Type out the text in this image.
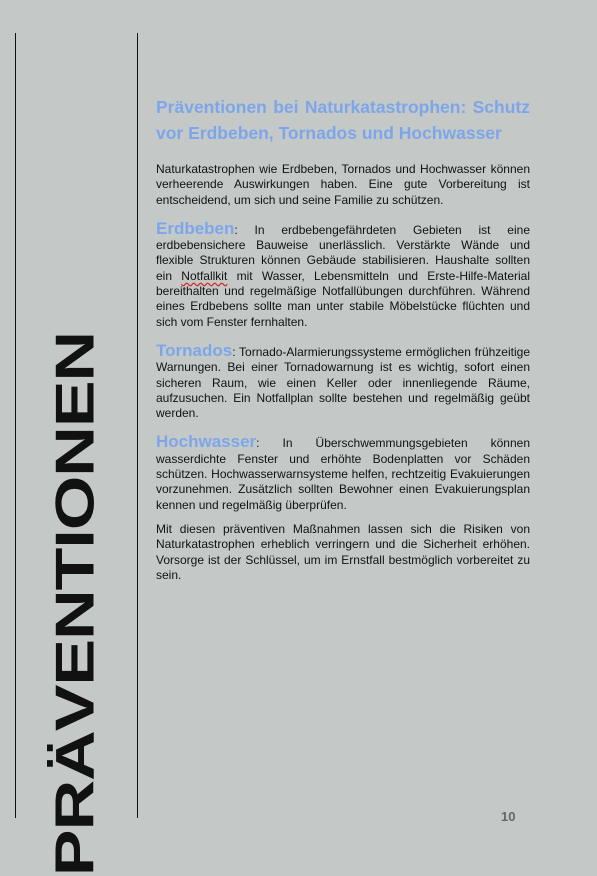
PRÄVENTIONEN
Präventionen bei Naturkatastrophen: Schutz vor Erdbeben, Tornados und Hochwasser

Naturkatastrophen wie Erdbeben, Tornados und Hochwasser können verheerende Auswirkungen haben. Eine gute Vorbereitung ist entscheidend, um sich und seine Familie zu schützen.

Erdbeben: In erdbebengefährdeten Gebieten ist eine erdbebensichere Bauweise unerlässlich. Verstärkte Wände und flexible Strukturen können Gebäude stabilisieren. Haushalte sollten ein Notfallkit mit Wasser, Lebensmitteln und Erste-Hilfe-Material bereithalten und regelmäßige Notfallübungen durchführen. Während eines Erdbebens sollte man unter stabile Möbelstücke flüchten und sich vom Fenster fernhalten.

Tornados: Tornado-Alarmierungssysteme ermöglichen frühzeitige Warnungen. Bei einer Tornadowarnung ist es wichtig, sofort einen sicheren Raum, wie einen Keller oder innenliegende Räume, aufzusuchen. Ein Notfallplan sollte bestehen und regelmäßig geübt werden.

Hochwasser: In Überschwemmungsgebieten können wasserdichte Fenster und erhöhte Bodenplatten vor Schäden schützen. Hochwasserwarnsysteme helfen, rechtzeitig Evakuierungen vorzunehmen. Zusätzlich sollten Bewohner einen Evakuierungsplan kennen und regelmäßig überprüfen.

Mit diesen präventiven Maßnahmen lassen sich die Risiken von Naturkatastrophen erheblich verringern und die Sicherheit erhöhen. Vorsorge ist der Schlüssel, um im Ernstfall bestmöglich vorbereitet zu sein.

10
